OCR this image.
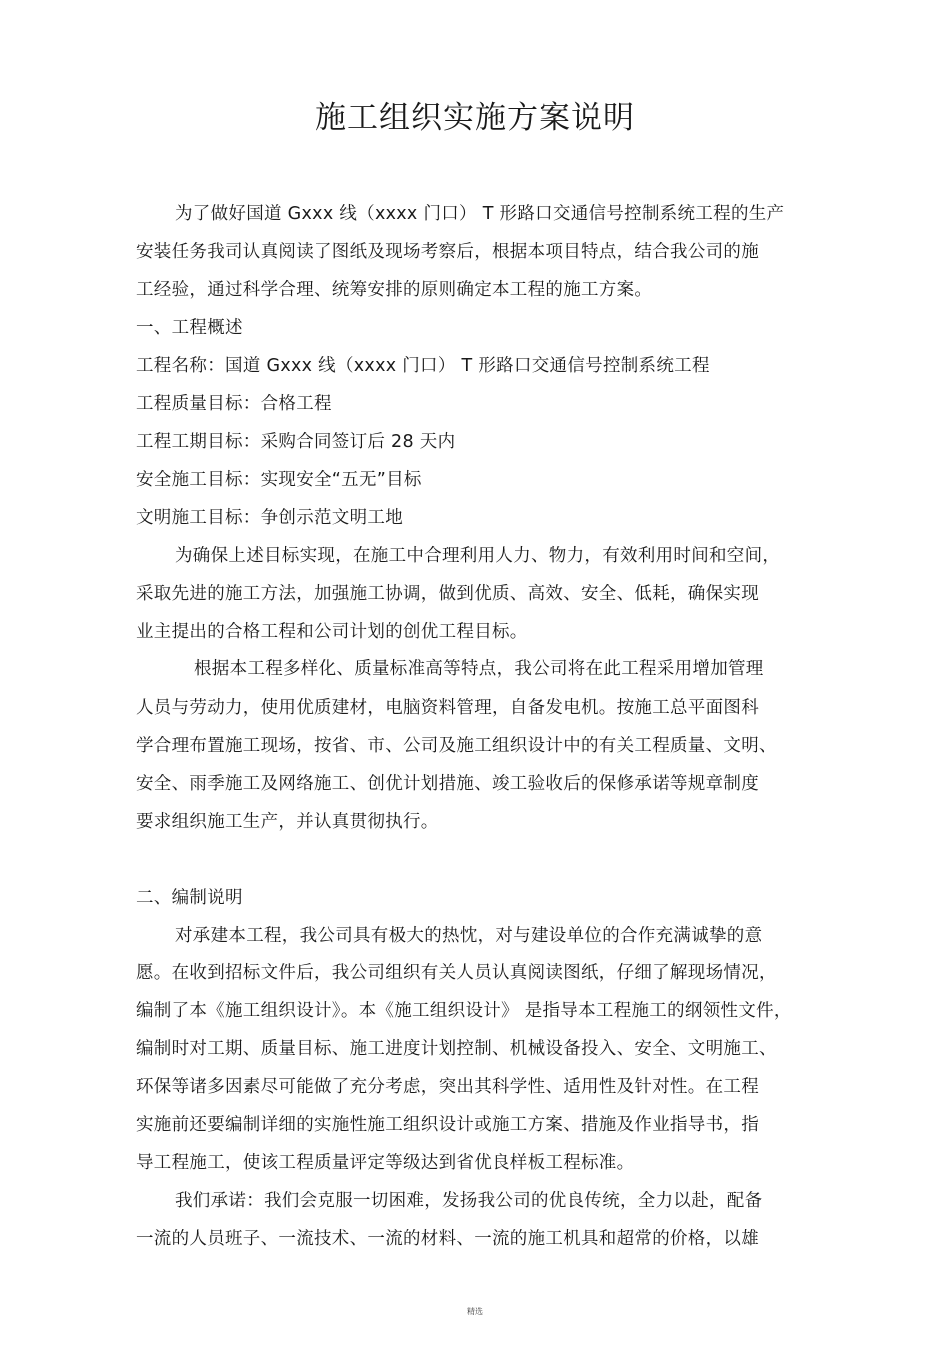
施工组织实施方案说明
为了做好国道 Gxxx 线（xxxx 门口） T 形路口交通信号控制系统工程的生产
安装任务我司认真阅读了图纸及现场考察后，根据本项目特点，结合我公司的施
工经验，通过科学合理、统筹安排的原则确定本工程的施工方案。
一、工程概述
工程名称：国道 Gxxx 线（xxxx 门口） T 形路口交通信号控制系统工程
工程质量目标：合格工程
工程工期目标：采购合同签订后 28 天内
安全施工目标：实现安全“五无”目标
文明施工目标：争创示范文明工地
为确保上述目标实现，在施工中合理利用人力、物力，有效利用时间和空间，
采取先进的施工方法，加强施工协调，做到优质、高效、安全、低耗，确保实现
业主提出的合格工程和公司计划的创优工程目标。
根据本工程多样化、质量标准高等特点，我公司将在此工程采用增加管理
人员与劳动力，使用优质建材，电脑资料管理，自备发电机。按施工总平面图科
学合理布置施工现场，按省、市、公司及施工组织设计中的有关工程质量、文明、
安全、雨季施工及网络施工、创优计划措施、竣工验收后的保修承诺等规章制度
要求组织施工生产，并认真贯彻执行。
二、编制说明
对承建本工程，我公司具有极大的热忱，对与建设单位的合作充满诚挚的意
愿。在收到招标文件后，我公司组织有关人员认真阅读图纸，仔细了解现场情况，
编制了本《施工组织设计》。本《施工组织设计》 是指导本工程施工的纲领性文件，
编制时对工期、质量目标、施工进度计划控制、机械设备投入、安全、文明施工、
环保等诸多因素尽可能做了充分考虑，突出其科学性、适用性及针对性。在工程
实施前还要编制详细的实施性施工组织设计或施工方案、措施及作业指导书，指
导工程施工，使该工程质量评定等级达到省优良样板工程标准。
我们承诺：我们会克服一切困难，发扬我公司的优良传统，全力以赴，配备
一流的人员班子、一流技术、一流的材料、一流的施工机具和超常的价格，以雄
精选
